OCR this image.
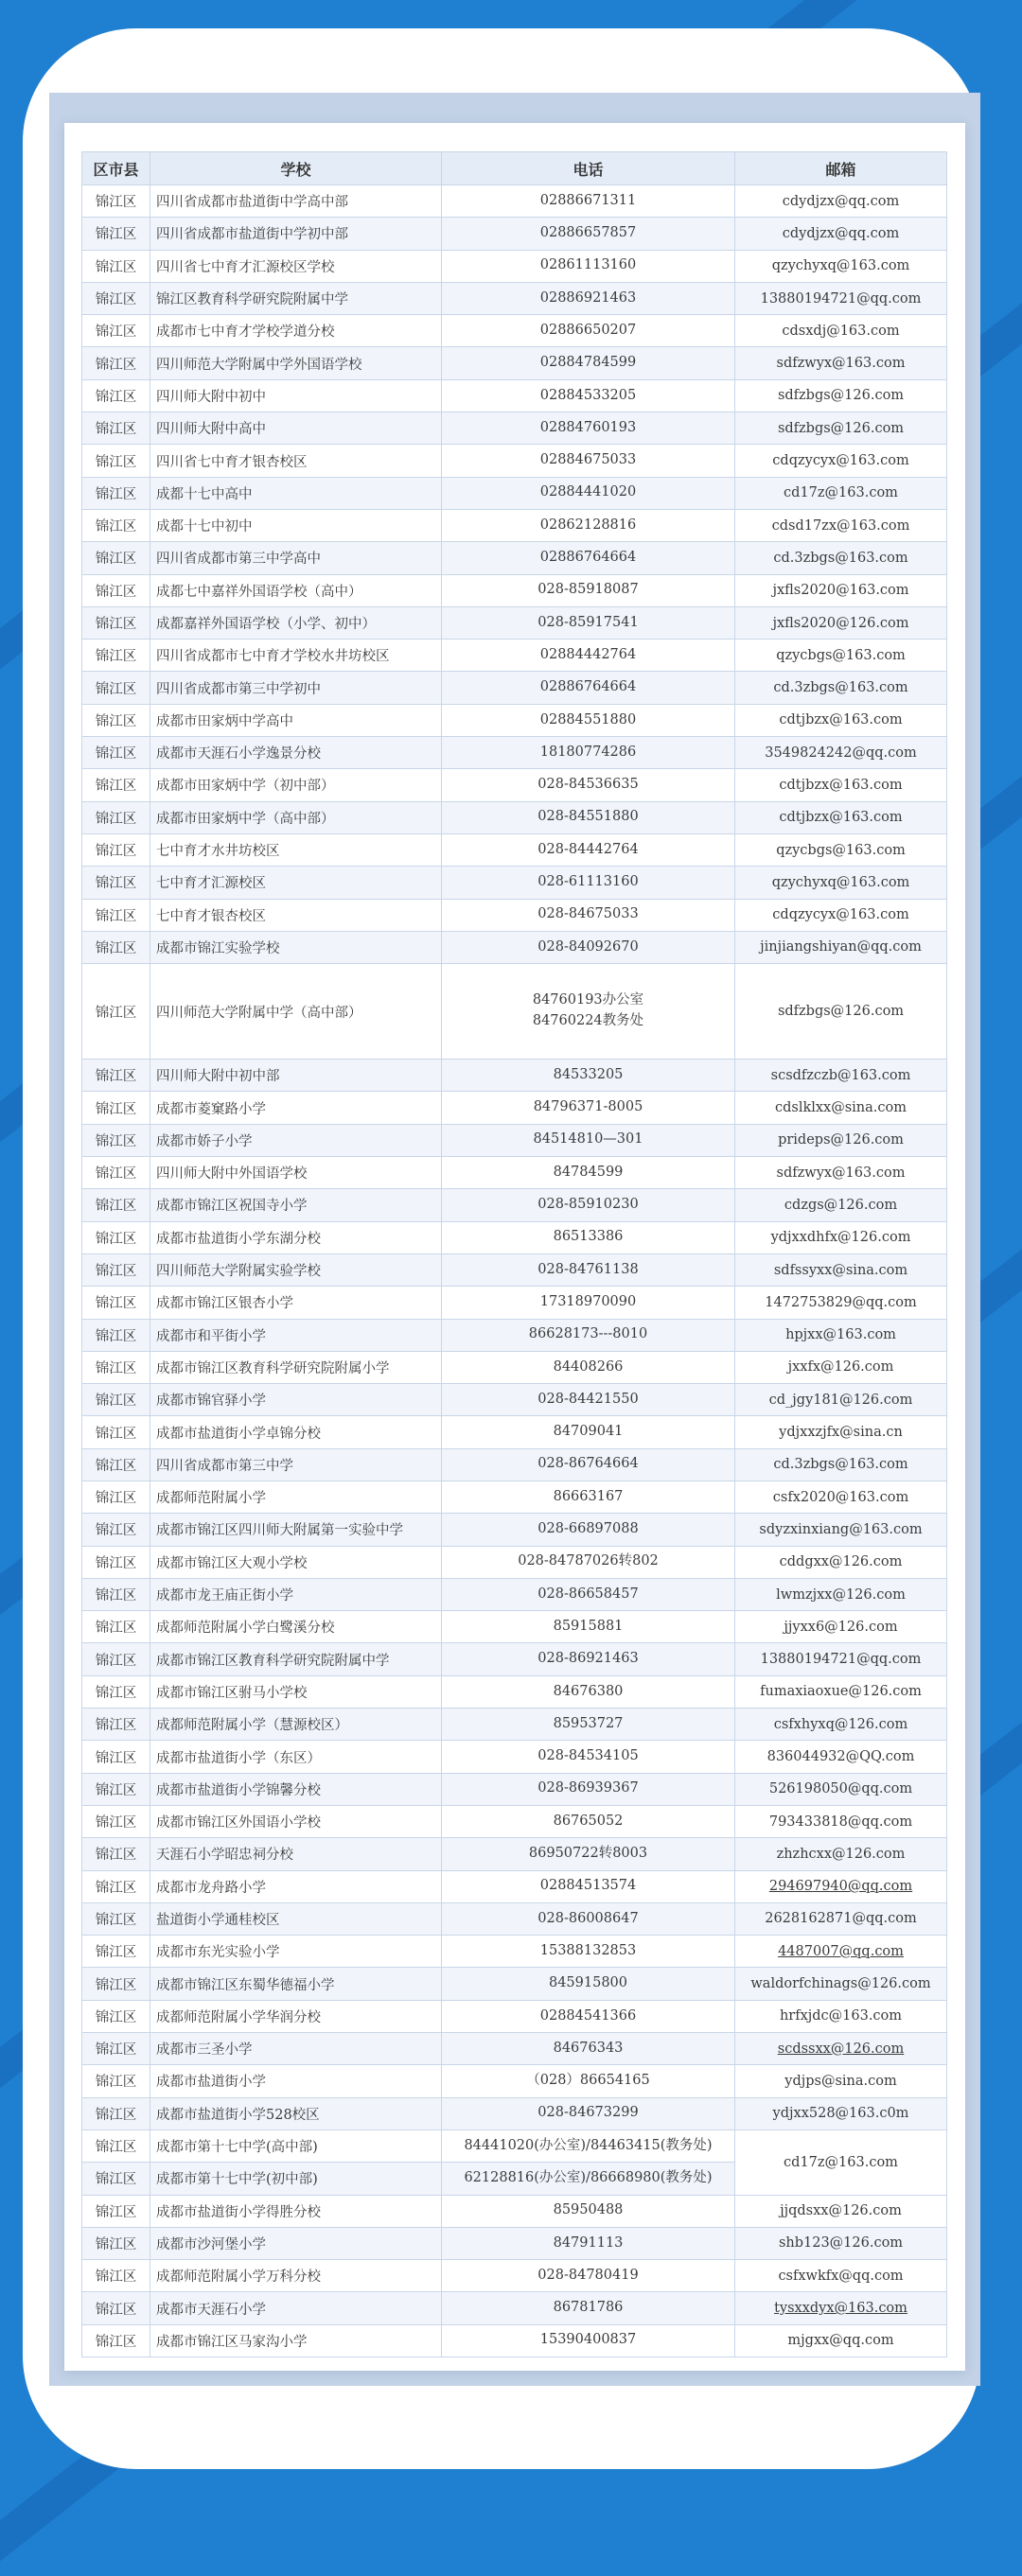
区市县	学校	电话	邮箱
锦江区	四川省成都市盐道街中学高中部	02886671311	cdydjzx@qq.com
锦江区	四川省成都市盐道街中学初中部	02886657857	cdydjzx@qq.com
锦江区	四川省七中育才汇源校区学校	02861113160	qzychyxq@163.com
锦江区	锦江区教育科学研究院附属中学	02886921463	13880194721@qq.com
锦江区	成都市七中育才学校学道分校	02886650207	cdsxdj@163.com
锦江区	四川师范大学附属中学外国语学校	02884784599	sdfzwyx@163.com
锦江区	四川师大附中初中	02884533205	sdfzbgs@126.com
锦江区	四川师大附中高中	02884760193	sdfzbgs@126.com
锦江区	四川省七中育才银杏校区	02884675033	cdqzycyx@163.com
锦江区	成都十七中高中	02884441020	cd17z@163.com
锦江区	成都十七中初中	02862128816	cdsd17zx@163.com
锦江区	四川省成都市第三中学高中	02886764664	cd.3zbgs@163.com
锦江区	成都七中嘉祥外国语学校（高中）	028-85918087	jxfls2020@163.com
锦江区	成都嘉祥外国语学校（小学、初中）	028-85917541	jxfls2020@126.com
锦江区	四川省成都市七中育才学校水井坊校区	02884442764	qzycbgs@163.com
锦江区	四川省成都市第三中学初中	02886764664	cd.3zbgs@163.com
锦江区	成都市田家炳中学高中	02884551880	cdtjbzx@163.com
锦江区	成都市天涯石小学逸景分校	18180774286	3549824242@qq.com
锦江区	成都市田家炳中学（初中部）	028-84536635	cdtjbzx@163.com
锦江区	成都市田家炳中学（高中部）	028-84551880	cdtjbzx@163.com
锦江区	七中育才水井坊校区	028-84442764	qzycbgs@163.com
锦江区	七中育才汇源校区	028-61113160	qzychyxq@163.com
锦江区	七中育才银杏校区	028-84675033	cdqzycyx@163.com
锦江区	成都市锦江实验学校	028-84092670	jinjiangshiyan@qq.com
锦江区	四川师范大学附属中学（高中部）	84760193办公室
84760224教务处	sdfzbgs@126.com
锦江区	四川师大附中初中部	84533205	scsdfzczb@163.com
锦江区	成都市菱窠路小学	84796371-8005	cdslklxx@sina.com
锦江区	成都市娇子小学	84514810—301	prideps@126.com
锦江区	四川师大附中外国语学校	84784599	sdfzwyx@163.com
锦江区	成都市锦江区祝国寺小学	028-85910230	cdzgs@126.com
锦江区	成都市盐道街小学东湖分校	86513386	ydjxxdhfx@126.com
锦江区	四川师范大学附属实验学校	028-84761138	sdfssyxx@sina.com
锦江区	成都市锦江区银杏小学	17318970090	1472753829@qq.com
锦江区	成都市和平街小学	86628173---8010	hpjxx@163.com
锦江区	成都市锦江区教育科学研究院附属小学	84408266	jxxfx@126.com
锦江区	成都市锦官驿小学	028-84421550	cd_jgy181@126.com
锦江区	成都市盐道街小学卓锦分校	84709041	ydjxxzjfx@sina.cn
锦江区	四川省成都市第三中学	028-86764664	cd.3zbgs@163.com
锦江区	成都师范附属小学	86663167	csfx2020@163.com
锦江区	成都市锦江区四川师大附属第一实验中学	028-66897088	sdyzxinxiang@163.com
锦江区	成都市锦江区大观小学校	028-84787026转802	cddgxx@126.com
锦江区	成都市龙王庙正街小学	028-86658457	lwmzjxx@126.com
锦江区	成都师范附属小学白鹭溪分校	85915881	jjyxx6@126.com
锦江区	成都市锦江区教育科学研究院附属中学	028-86921463	13880194721@qq.com
锦江区	成都市锦江区驸马小学校	84676380	fumaxiaoxue@126.com
锦江区	成都师范附属小学（慧源校区）	85953727	csfxhyxq@126.com
锦江区	成都市盐道街小学（东区）	028-84534105	836044932@QQ.com
锦江区	成都市盐道街小学锦馨分校	028-86939367	526198050@qq.com
锦江区	成都市锦江区外国语小学校	86765052	793433818@qq.com
锦江区	天涯石小学昭忠祠分校	86950722转8003	zhzhcxx@126.com
锦江区	成都市龙舟路小学	02884513574	294697940@qq.com
锦江区	盐道街小学通桂校区	028-86008647	2628162871@qq.com
锦江区	成都市东光实验小学	15388132853	4487007@qq.com
锦江区	成都市锦江区东蜀华德福小学	845915800	waldorfchinags@126.com
锦江区	成都师范附属小学华润分校	02884541366	hrfxjdc@163.com
锦江区	成都市三圣小学	84676343	scdssxx@126.com
锦江区	成都市盐道街小学	（028）86654165	ydjps@sina.com
锦江区	成都市盐道街小学528校区	028-84673299	ydjxx528@163.c0m
锦江区	成都市第十七中学(高中部)	84441020(办公室)/84463415(教务处)	cd17z@163.com
锦江区	成都市第十七中学(初中部)	62128816(办公室)/86668980(教务处)	

锦江区	成都市盐道街小学得胜分校	85950488	jjqdsxx@126.com
锦江区	成都市沙河堡小学	84791113	shb123@126.com
锦江区	成都师范附属小学万科分校	028-84780419	csfxwkfx@qq.com
锦江区	成都市天涯石小学	86781786	tysxxdyx@163.com
锦江区	成都市锦江区马家沟小学	15390400837	mjgxx@qq.com
